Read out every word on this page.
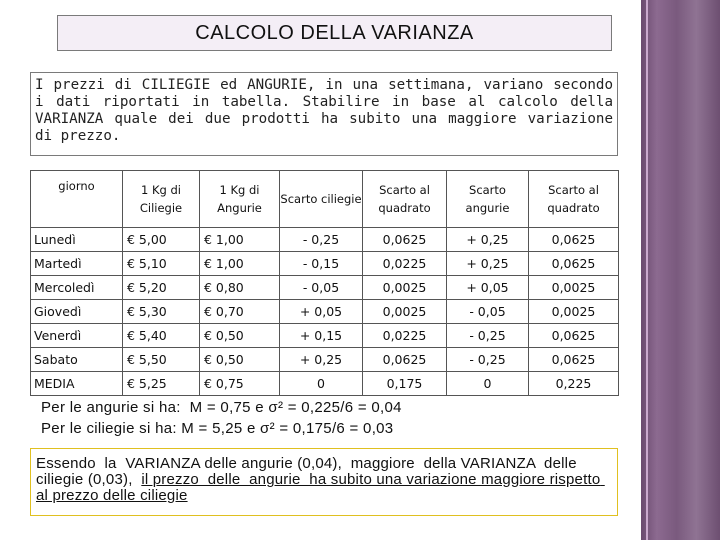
CALCOLO DELLA VARIANZA
I prezzi di CILIEGIE ed ANGURIE, in una settimana, variano secondo i dati riportati in tabella. Stabilire in base al calcolo della VARIANZA quale dei due prodotti ha subito una maggiore variazione di prezzo.
giorno	1 Kg di Ciliegie	1 Kg di Angurie	Scarto ciliegie	Scarto al quadrato	Scarto angurie	Scarto al quadrato
Lunedì	€ 5,00	€ 1,00	- 0,25	0,0625	+ 0,25	0,0625
Martedì	€ 5,10	€ 1,00	- 0,15	0,0225	+ 0,25	0,0625
Mercoledì	€ 5,20	€ 0,80	- 0,05	0,0025	+ 0,05	0,0025
Giovedì	€ 5,30	€ 0,70	+ 0,05	0,0025	- 0,05	0,0025
Venerdì	€ 5,40	€ 0,50	+ 0,15	0,0225	- 0,25	0,0625
Sabato	€ 5,50	€ 0,50	+ 0,25	0,0625	- 0,25	0,0625
MEDIA	€ 5,25	€ 0,75	0	0,175	0	0,225
Per le angurie si ha:  M = 0,75 e σ² = 0,225/6 = 0,04
Per le ciliegie si ha: M = 5,25 e σ² = 0,175/6 = 0,03
Essendo  la  VARIANZA delle angurie (0,04),  maggiore  della VARIANZA  delle ciliegie (0,03),  il prezzo  delle  angurie  ha subito una variazione maggiore rispetto al prezzo delle ciliegie
